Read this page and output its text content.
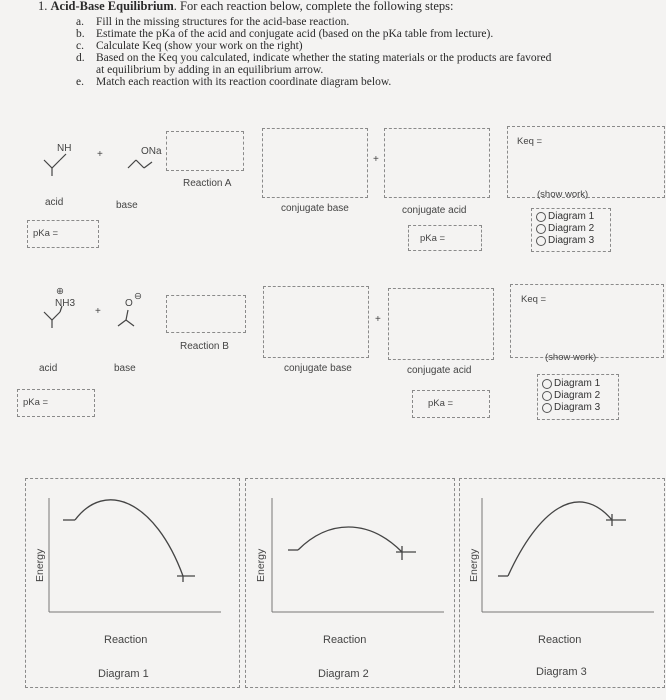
1. Acid-Base Equilibrium. For each reaction below, complete the following steps:
a. Fill in the missing structures for the acid-base reaction.
b. Estimate the pKa of the acid and conjugate acid (based on the pKa table from lecture).
c. Calculate Keq (show your work on the right)
d. Based on the Keq you calculated, indicate whether the stating materials or the products are favored
at equilibrium by adding in an equilibrium arrow.
e. Match each reaction with its reaction coordinate diagram below.
NH
+	ONa
Reaction A
+
Keq =
(show work)
acid	base	conjugate base	conjugate acid
pKa =	pKa =
Diagram 1
Diagram 2
Diagram 3
⊕
NH3
+
O
⊖
Reaction B
+
Keq =
(show work)
acid	base	conjugate base	conjugate acid
pKa =	pKa =
Diagram 1
Diagram 2
Diagram 3
Energy
Reaction
Diagram 1
Energy
Reaction
Diagram 2
Energy
Reaction
Diagram 3
